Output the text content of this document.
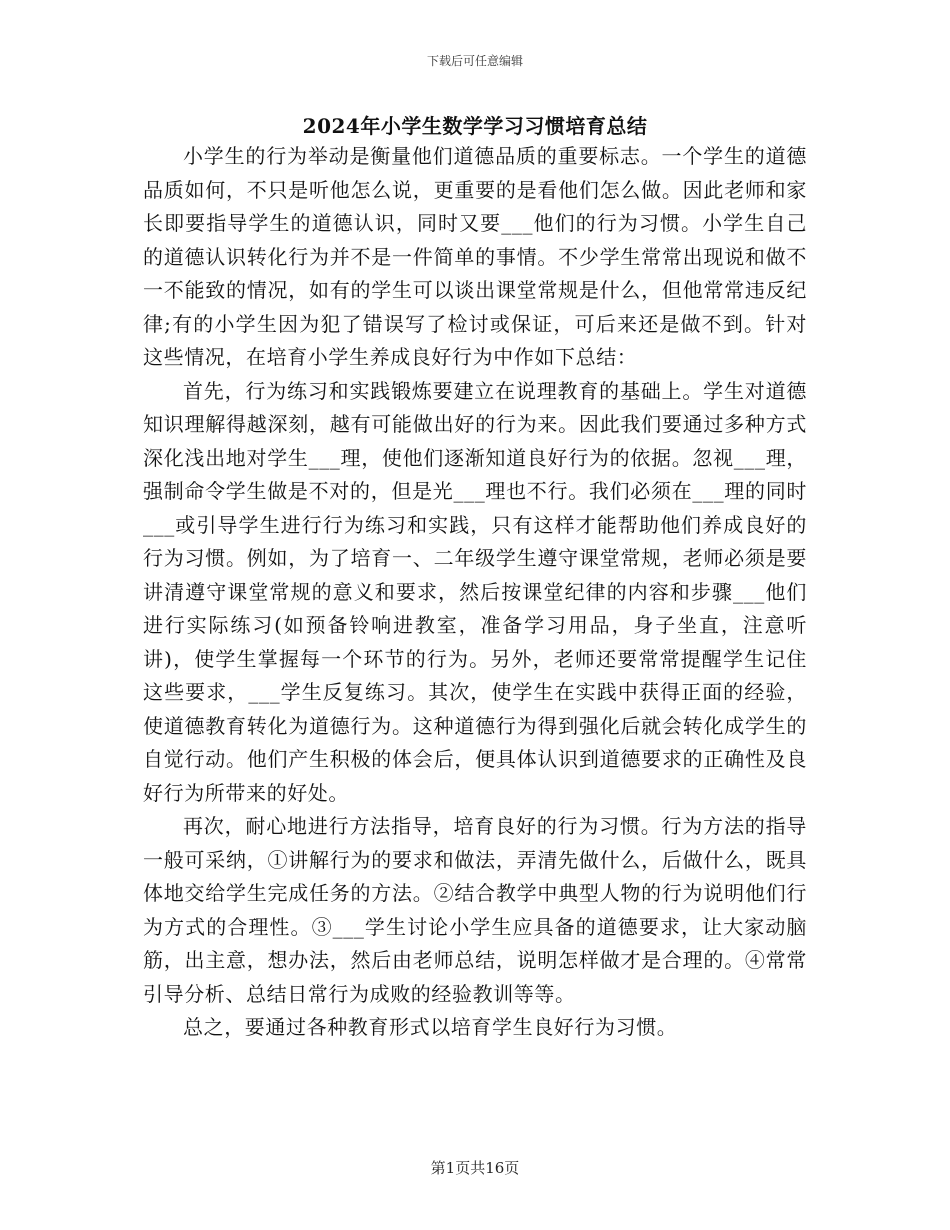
下载后可任意编辑
2024年小学生数学学习习惯培育总结

小学生的行为举动是衡量他们道德品质的重要标志。一个学生的道德品质如何，不只是听他怎么说，更重要的是看他们怎么做。因此老师和家长即要指导学生的道德认识，同时又要___他们的行为习惯。小学生自己的道德认识转化行为并不是一件简单的事情。不少学生常常出现说和做不一不能致的情况，如有的学生可以谈出课堂常规是什么，但他常常违反纪律;有的小学生因为犯了错误写了检讨或保证，可后来还是做不到。针对这些情况，在培育小学生养成良好行为中作如下总结：

首先，行为练习和实践锻炼要建立在说理教育的基础上。学生对道德知识理解得越深刻，越有可能做出好的行为来。因此我们要通过多种方式深化浅出地对学生___理，使他们逐渐知道良好行为的依据。忽视___理，强制命令学生做是不对的，但是光___理也不行。我们必须在___理的同时___或引导学生进行行为练习和实践，只有这样才能帮助他们养成良好的行为习惯。例如，为了培育一、二年级学生遵守课堂常规，老师必须是要讲清遵守课堂常规的意义和要求，然后按课堂纪律的内容和步骤___他们进行实际练习(如预备铃响进教室，准备学习用品，身子坐直，注意听讲)，使学生掌握每一个环节的行为。另外，老师还要常常提醒学生记住这些要求，___学生反复练习。其次，使学生在实践中获得正面的经验，使道德教育转化为道德行为。这种道德行为得到强化后就会转化成学生的自觉行动。他们产生积极的体会后，便具体认识到道德要求的正确性及良好行为所带来的好处。

再次，耐心地进行方法指导，培育良好的行为习惯。行为方法的指导一般可采纳，①讲解行为的要求和做法，弄清先做什么，后做什么，既具体地交给学生完成任务的方法。②结合教学中典型人物的行为说明他们行为方式的合理性。③___学生讨论小学生应具备的道德要求，让大家动脑筋，出主意，想办法，然后由老师总结，说明怎样做才是合理的。④常常引导分析、总结日常行为成败的经验教训等等。

总之，要通过各种教育形式以培育学生良好行为习惯。

第1页共16页
